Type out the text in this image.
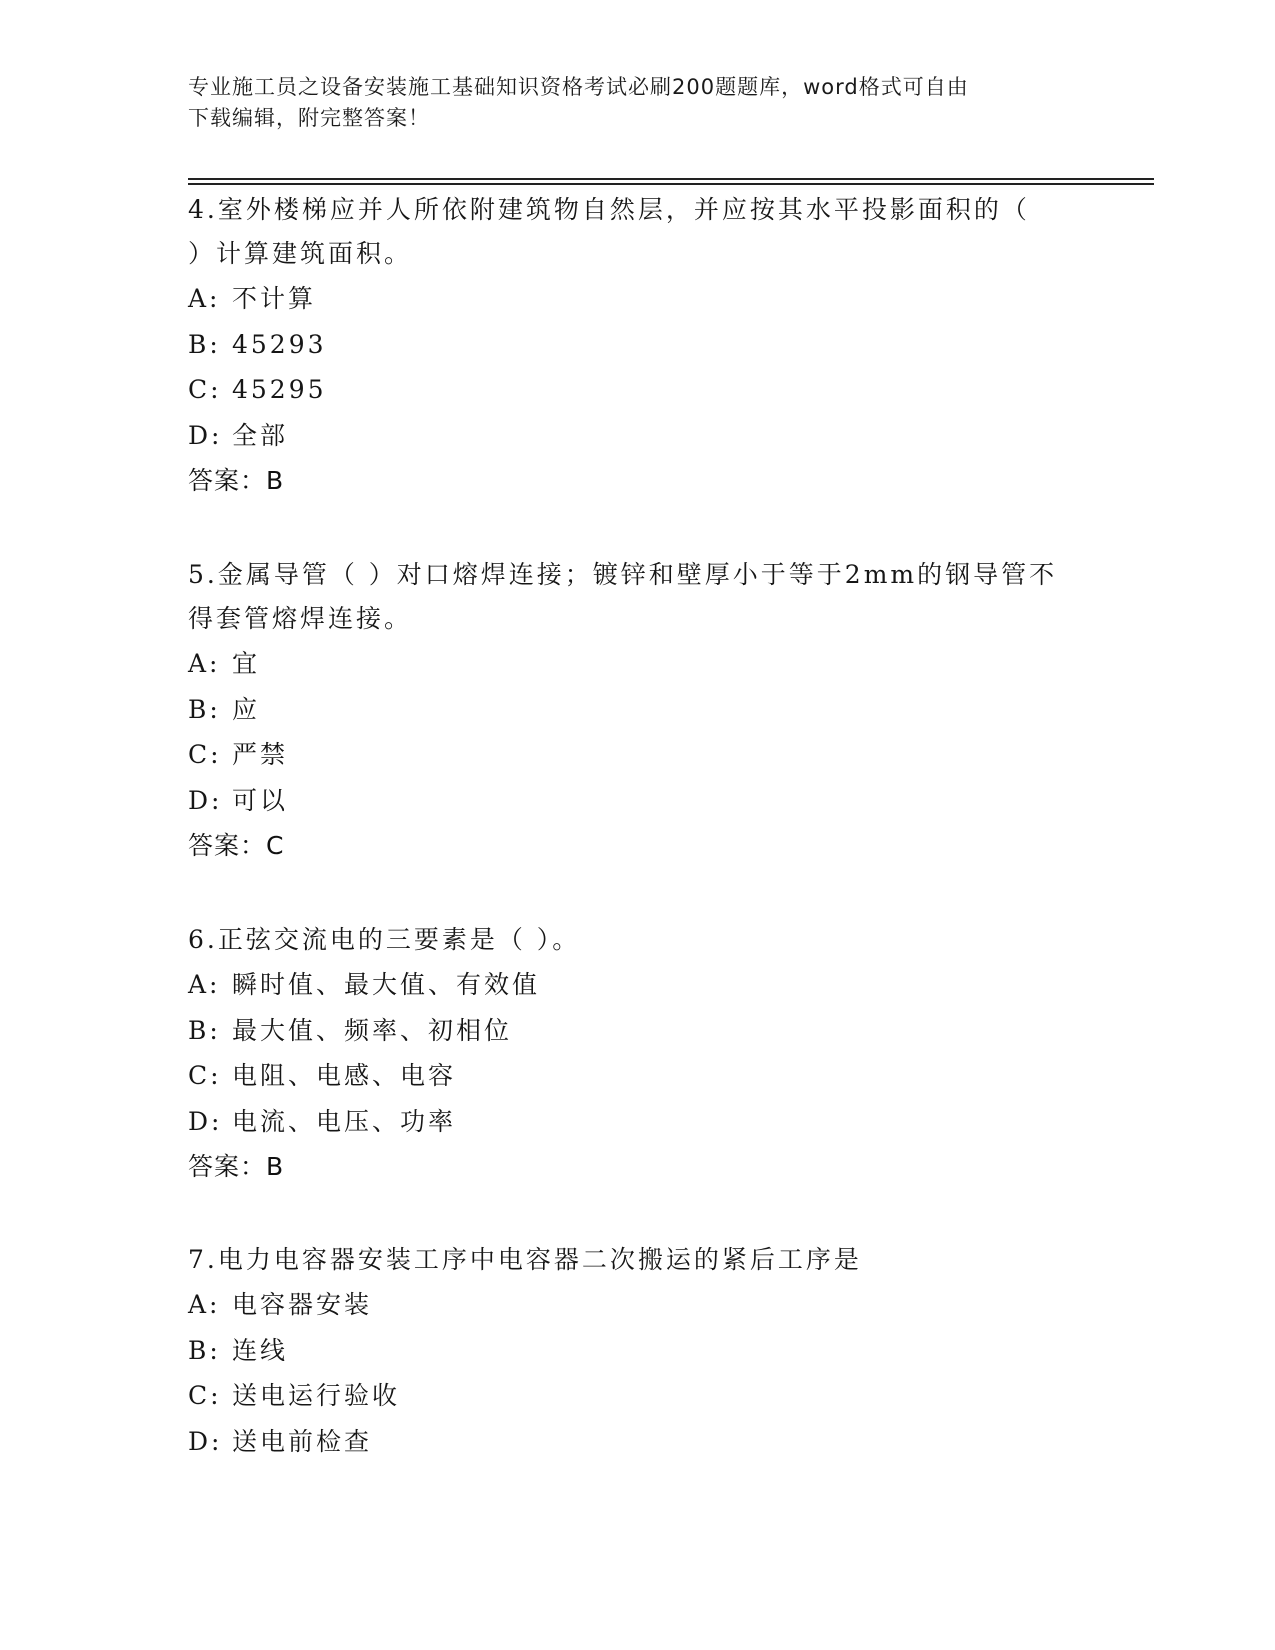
专业施工员之设备安装施工基础知识资格考试必刷200题题库，word格式可自由
下载编辑，附完整答案！

4.室外楼梯应并人所依附建筑物自然层，并应按其水平投影面积的（

）计算建筑面积。

A: 不计算

B: 45293

C: 45295

D: 全部

答案：B

5.金属导管（ ）对口熔焊连接；镀锌和壁厚小于等于2mm的钢导管不

得套管熔焊连接。

A: 宜

B: 应

C: 严禁

D: 可以

答案：C

6.正弦交流电的三要素是（ ）。

A: 瞬时值、最大值、有效值

B: 最大值、频率、初相位

C: 电阻、电感、电容

D: 电流、电压、功率

答案：B

7.电力电容器安装工序中电容器二次搬运的紧后工序是

A: 电容器安装

B: 连线

C: 送电运行验收

D: 送电前检查
